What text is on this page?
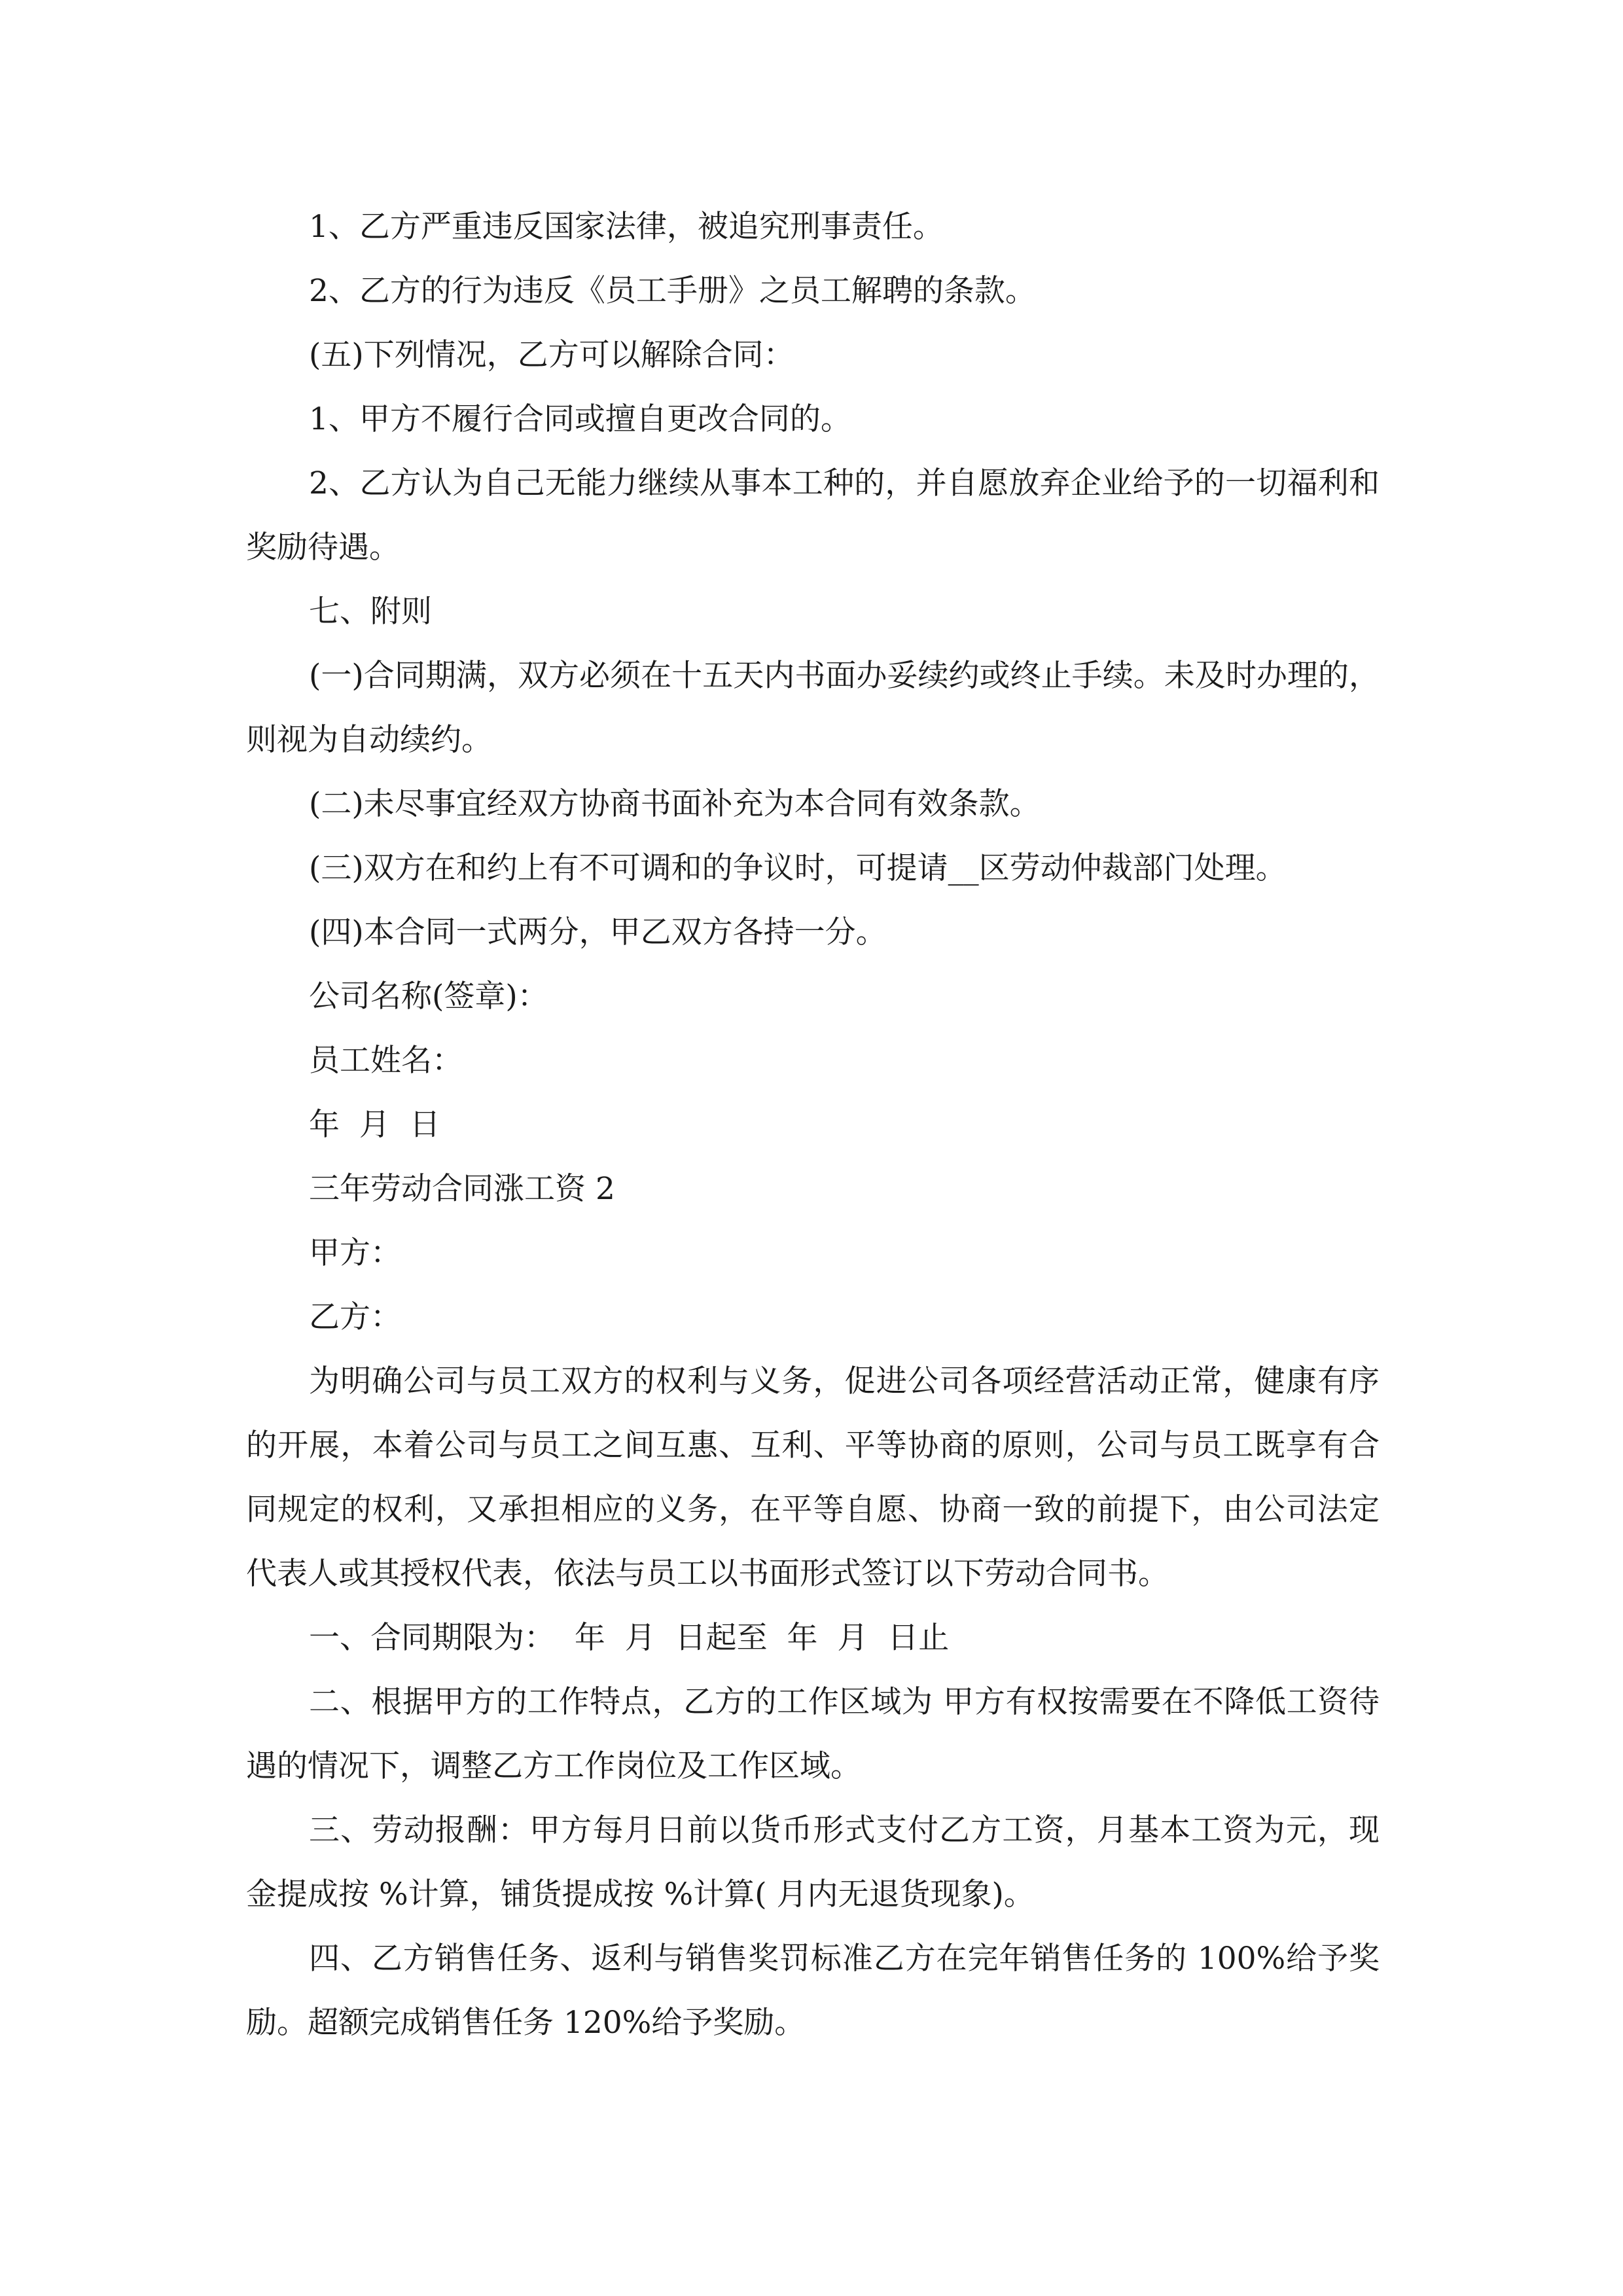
1、乙方严重违反国家法律，被追究刑事责任。

2、乙方的行为违反《员工手册》之员工解聘的条款。

(五)下列情况，乙方可以解除合同：

1、甲方不履行合同或擅自更改合同的。

2、乙方认为自己无能力继续从事本工种的，并自愿放弃企业给予的一切福利和奖励待遇。

七、附则

(一)合同期满，双方必须在十五天内书面办妥续约或终止手续。未及时办理的，则视为自动续约。

(二)未尽事宜经双方协商书面补充为本合同有效条款。

(三)双方在和约上有不可调和的争议时，可提请__区劳动仲裁部门处理。

(四)本合同一式两分，甲乙双方各持一分。

公司名称(签章)：

员工姓名：

年  月  日

三年劳动合同涨工资 2

甲方：

乙方：

为明确公司与员工双方的权利与义务，促进公司各项经营活动正常，健康有序的开展，本着公司与员工之间互惠、互利、平等协商的原则，公司与员工既享有合同规定的权利，又承担相应的义务，在平等自愿、协商一致的前提下，由公司法定代表人或其授权代表，依法与员工以书面形式签订以下劳动合同书。

一、合同期限为：  年  月  日起至  年  月  日止

二、根据甲方的工作特点，乙方的工作区域为 甲方有权按需要在不降低工资待遇的情况下，调整乙方工作岗位及工作区域。

三、劳动报酬：甲方每月日前以货币形式支付乙方工资，月基本工资为元，现金提成按 %计算，铺货提成按 %计算( 月内无退货现象)。

四、乙方销售任务、返利与销售奖罚标准乙方在完年销售任务的 100%给予奖励。超额完成销售任务 120%给予奖励。
